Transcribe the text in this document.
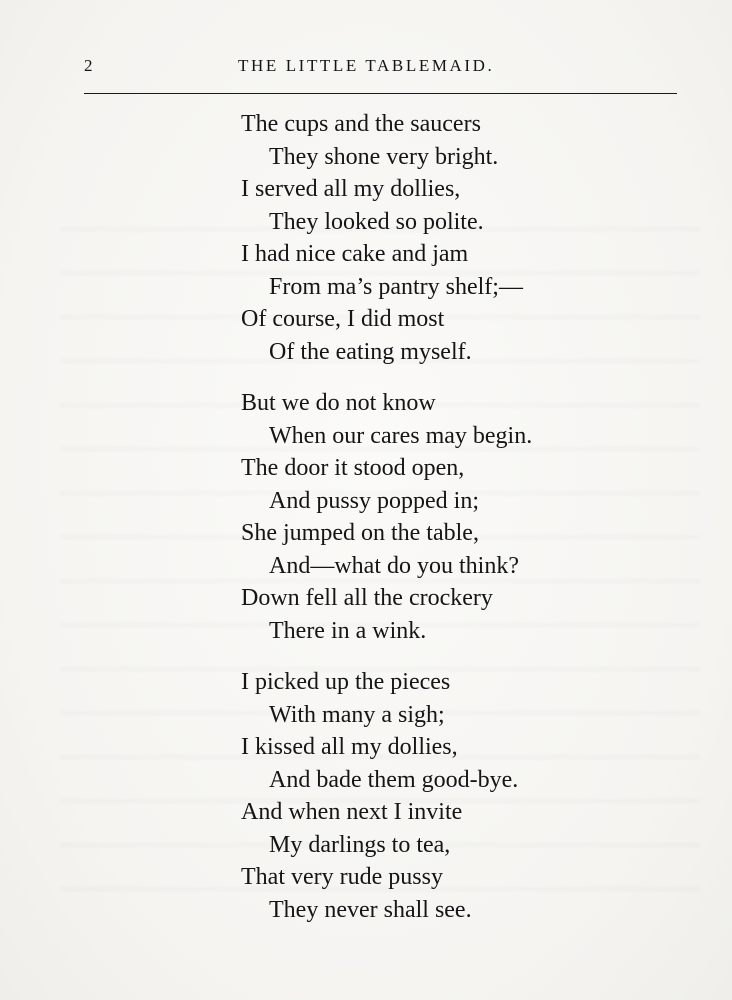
2	THE LITTLE TABLEMAID.
The cups and the saucers
They shone very bright.
I served all my dollies,
They looked so polite.
I had nice cake and jam
From ma’s pantry shelf;—
Of course, I did most
Of the eating myself.
But we do not know
When our cares may begin.
The door it stood open,
And pussy popped in;
She jumped on the table,
And—what do you think?
Down fell all the crockery
There in a wink.
I picked up the pieces
With many a sigh;
I kissed all my dollies,
And bade them good-bye.
And when next I invite
My darlings to tea,
That very rude pussy
They never shall see.
